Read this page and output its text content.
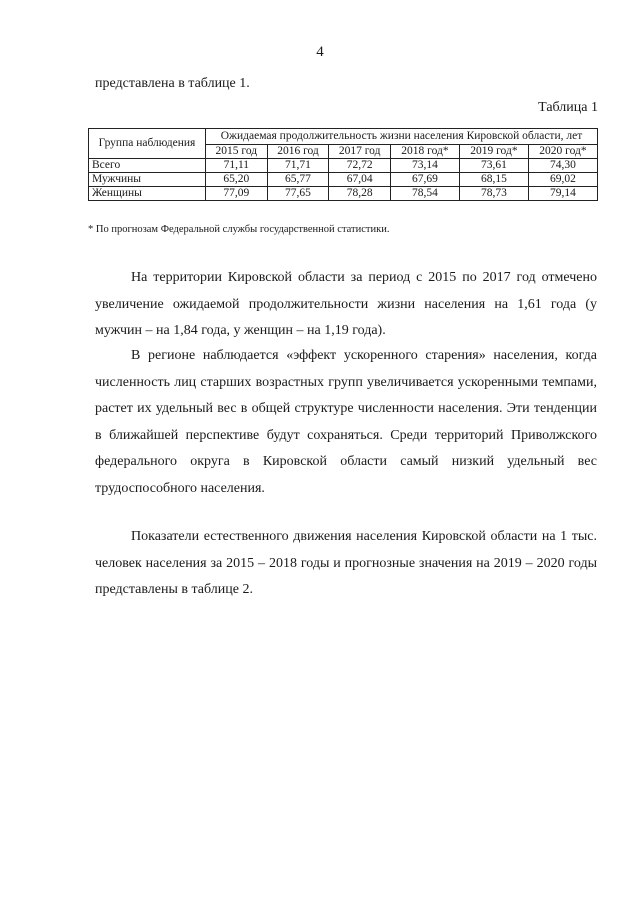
4
представлена в таблице 1.
Таблица 1
Группа наблюдения	Ожидаемая продолжительность жизни населения Кировской области, лет					
	2015 год	2016 год	2017 год	2018 год*	2019 год*	2020 год*
Всего	71,11	71,71	72,72	73,14	73,61	74,30
Мужчины	65,20	65,77	67,04	67,69	68,15	69,02
Женщины	77,09	77,65	78,28	78,54	78,73	79,14
* По прогнозам Федеральной службы государственной статистики.

На территории Кировской области за период с 2015 по 2017 год отмечено увеличение ожидаемой продолжительности жизни населения на 1,61 года (у мужчин – на 1,84 года, у женщин – на 1,19 года).

В регионе наблюдается «эффект ускоренного старения» населения, когда численность лиц старших возрастных групп увеличивается ускоренными темпами, растет их удельный вес в общей структуре численности населения. Эти тенденции в ближайшей перспективе будут сохраняться. Среди территорий Приволжского федерального округа в Кировской области самый низкий удельный вес трудоспособного населения.

Показатели естественного движения населения Кировской области на 1 тыс. человек населения за 2015 – 2018 годы и прогнозные значения на 2019 – 2020 годы представлены в таблице 2.
